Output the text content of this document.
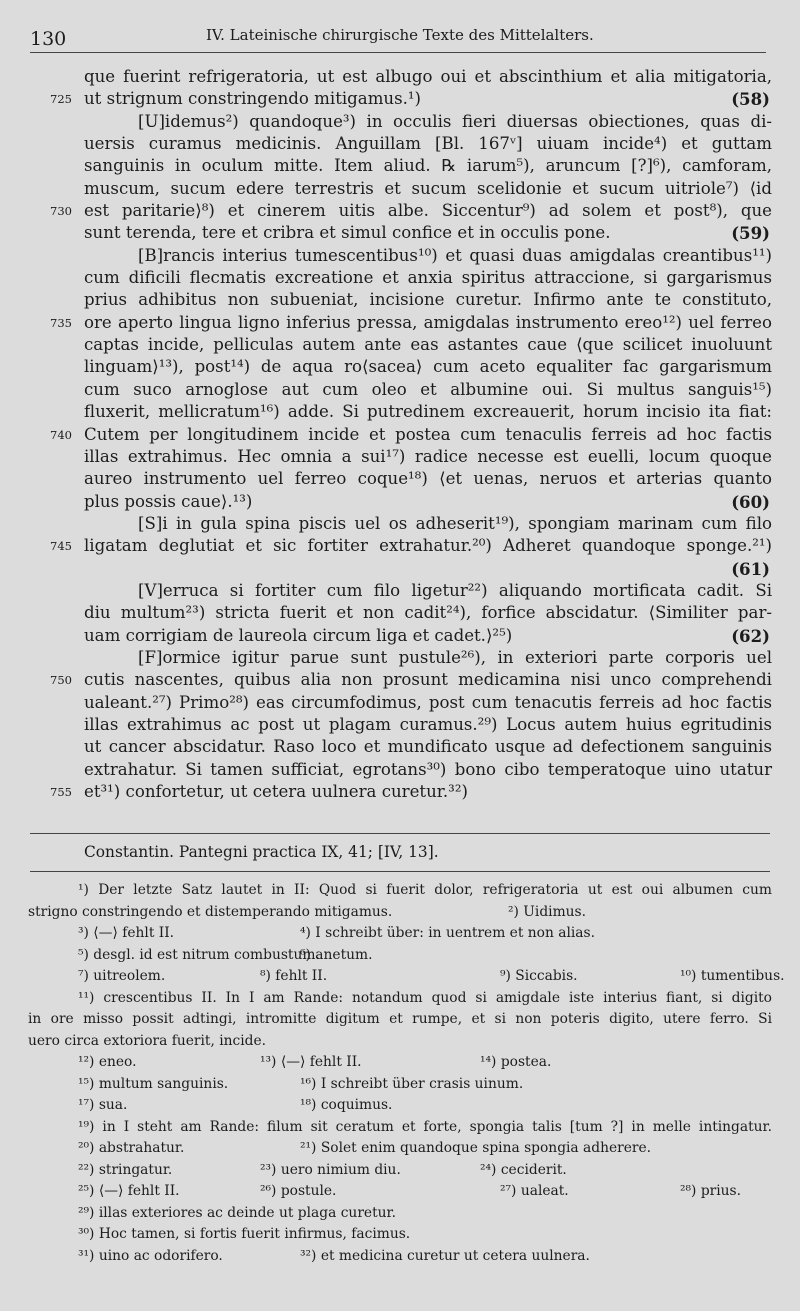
130	IV. Lateinische chirurgische Texte des Mittelalters.
que fuerint refrigeratoria, ut est albugo oui et abscinthium et alia mitigatoria,
725 ut strignum constringendo mitigamus.¹)	(58)
[U]idemus²) quandoque³) in occulis fieri diuersas obiectiones, quas di-
uersis curamus medicinis. Anguillam [Bl. 167ᵛ] uiuam incide⁴) et guttam
sanguinis in oculum mitte. Item aliud. ℞ iarum⁵), aruncum [?]⁶), camforam,
muscum, sucum edere terrestris et sucum scelidonie et sucum uitriole⁷) ⟨id
730 est paritarie⟩⁸) et cinerem uitis albe. Siccentur⁹) ad solem et post⁸), que
sunt terenda, tere et cribra et simul confice et in occulis pone.	(59)
[B]rancis interius tumescentibus¹⁰) et quasi duas amigdalas creantibus¹¹)
cum dificili flecmatis excreatione et anxia spiritus attraccione, si gargarismus
prius adhibitus non subueniat, incisione curetur. Infirmo ante te constituto,
735 ore aperto lingua ligno inferius pressa, amigdalas instrumento ereo¹²) uel ferreo
captas incide, pelliculas autem ante eas astantes caue ⟨que scilicet inuoluunt
linguam⟩¹³), post¹⁴) de aqua ro⟨sacea⟩ cum aceto equaliter fac gargarismum
cum suco arnoglose aut cum oleo et albumine oui. Si multus sanguis¹⁵)
fluxerit, mellicratum¹⁶) adde. Si putredinem excreauerit, horum incisio ita fiat:
740 Cutem per longitudinem incide et postea cum tenaculis ferreis ad hoc factis
illas extrahimus. Hec omnia a sui¹⁷) radice necesse est euelli, locum quoque
aureo instrumento uel ferreo coque¹⁸) ⟨et uenas, neruos et arterias quanto
plus possis caue⟩.¹³)	(60)
[S]i in gula spina piscis uel os adheserit¹⁹), spongiam marinam cum filo
745 ligatam deglutiat et sic fortiter extrahatur.²⁰) Adheret quandoque sponge.²¹)
(61)
[V]erruca si fortiter cum filo ligetur²²) aliquando mortificata cadit. Si
diu multum²³) stricta fuerit et non cadit²⁴), forfice abscidatur. ⟨Similiter par-
uam corrigiam de laureola circum liga et cadet.⟩²⁵)	(62)
[F]ormice igitur parue sunt pustule²⁶), in exteriori parte corporis uel
750 cutis nascentes, quibus alia non prosunt medicamina nisi unco comprehendi
ualeant.²⁷) Primo²⁸) eas circumfodimus, post cum tenacutis ferreis ad hoc factis
illas extrahimus ac post ut plagam curamus.²⁹) Locus autem huius egritudinis
ut cancer abscidatur. Raso loco et mundificato usque ad defectionem sanguinis
extrahatur. Si tamen sufficiat, egrotans³⁰) bono cibo temperatoque uino utatur
755 et³¹) confortetur, ut cetera uulnera curetur.³²)
Constantin. Pantegni practica IX, 41; [IV, 13].
¹) Der letzte Satz lautet in II: Quod si fuerit dolor, refrigeratoria ut est oui albumen cum
strigno constringendo et distemperando mitigamus.	²) Uidimus.
³) ⟨—⟩ fehlt II.	⁴) I schreibt über: in uentrem et non alias.
⁵) desgl. id est nitrum combustum.
⁶) anetum.
⁷) uitreolem.	⁸) fehlt II.	⁹) Siccabis.	¹⁰) tumentibus.
¹¹) crescentibus II. In I am Rande: notandum quod si amigdale iste interius fiant, si digito
in ore misso possit adtingi, intromitte digitum et rumpe, et si non poteris digito, utere ferro. Si
uero circa extoriora fuerit, incide.
¹²) eneo.	¹³) ⟨—⟩ fehlt II.	¹⁴) postea.
¹⁵) multum sanguinis.	¹⁶) I schreibt über crasis uinum.
¹⁷) sua.	¹⁸) coquimus.
¹⁹) in I steht am Rande: filum sit ceratum et forte, spongia talis [tum ?] in melle intingatur.
²⁰) abstrahatur.	²¹) Solet enim quandoque spina spongia adherere.
²²) stringatur.	²³) uero nimium diu.	²⁴) ceciderit.
²⁵) ⟨—⟩ fehlt II.	²⁶) postule.	²⁷) ualeat.	²⁸) prius.
²⁹) illas exteriores ac deinde ut plaga curetur.
³⁰) Hoc tamen, si fortis fuerit infirmus, facimus.
³¹) uino ac odorifero.	³²) et medicina curetur ut cetera uulnera.
